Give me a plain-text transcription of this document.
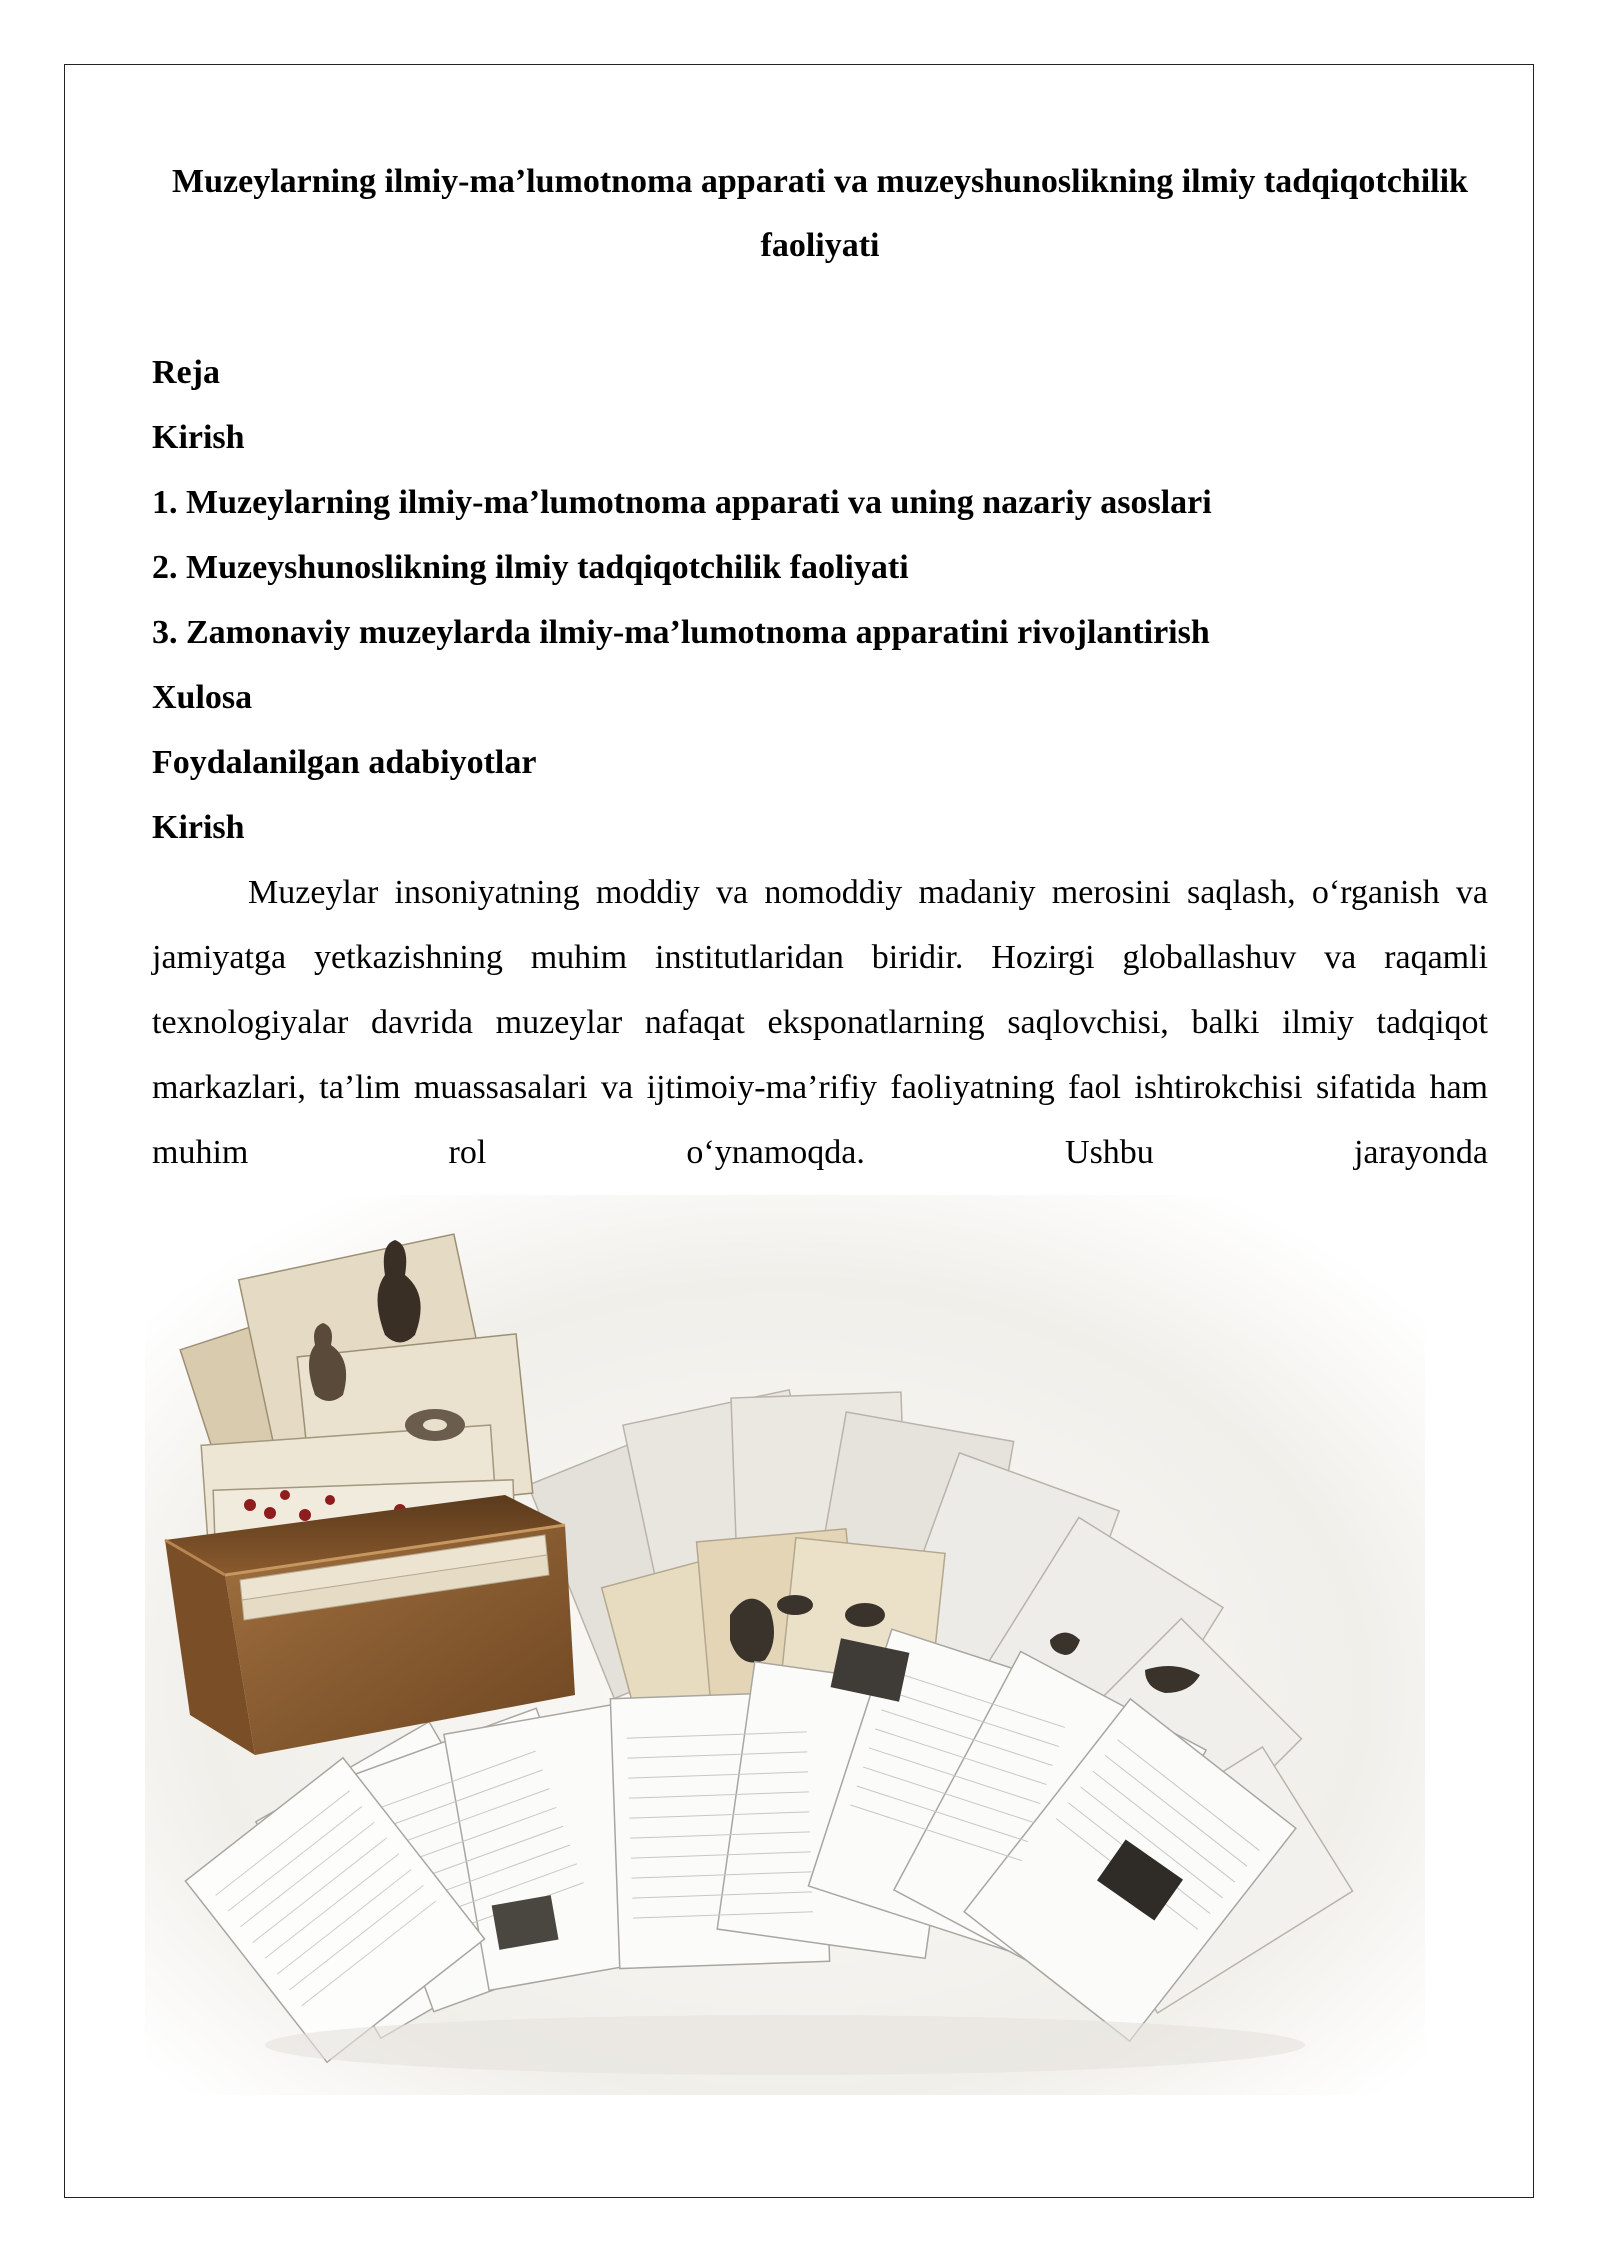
Muzeylarning ilmiy-ma’lumotnoma apparati va muzeyshunoslikning ilmiy tadqiqotchilik faoliyati
Reja
Kirish
1. Muzeylarning ilmiy-ma’lumotnoma apparati va uning nazariy asoslari
2. Muzeyshunoslikning ilmiy tadqiqotchilik faoliyati
3. Zamonaviy muzeylarda ilmiy-ma’lumotnoma apparatini rivojlantirish
Xulosa
Foydalanilgan adabiyotlar
Kirish

Muzeylar insoniyatning moddiy va nomoddiy madaniy merosini saqlash, o‘rganish va jamiyatga yetkazishning muhim institutlaridan biridir. Hozirgi globallashuv va raqamli texnologiyalar davrida muzeylar nafaqat eksponatlarning saqlovchisi, balki ilmiy tadqiqot markazlari, ta’lim muassasalari va ijtimoiy-ma’rifiy faoliyatning faol ishtirokchisi sifatida ham muhim rol o‘ynamoqda. Ushbu jarayonda
